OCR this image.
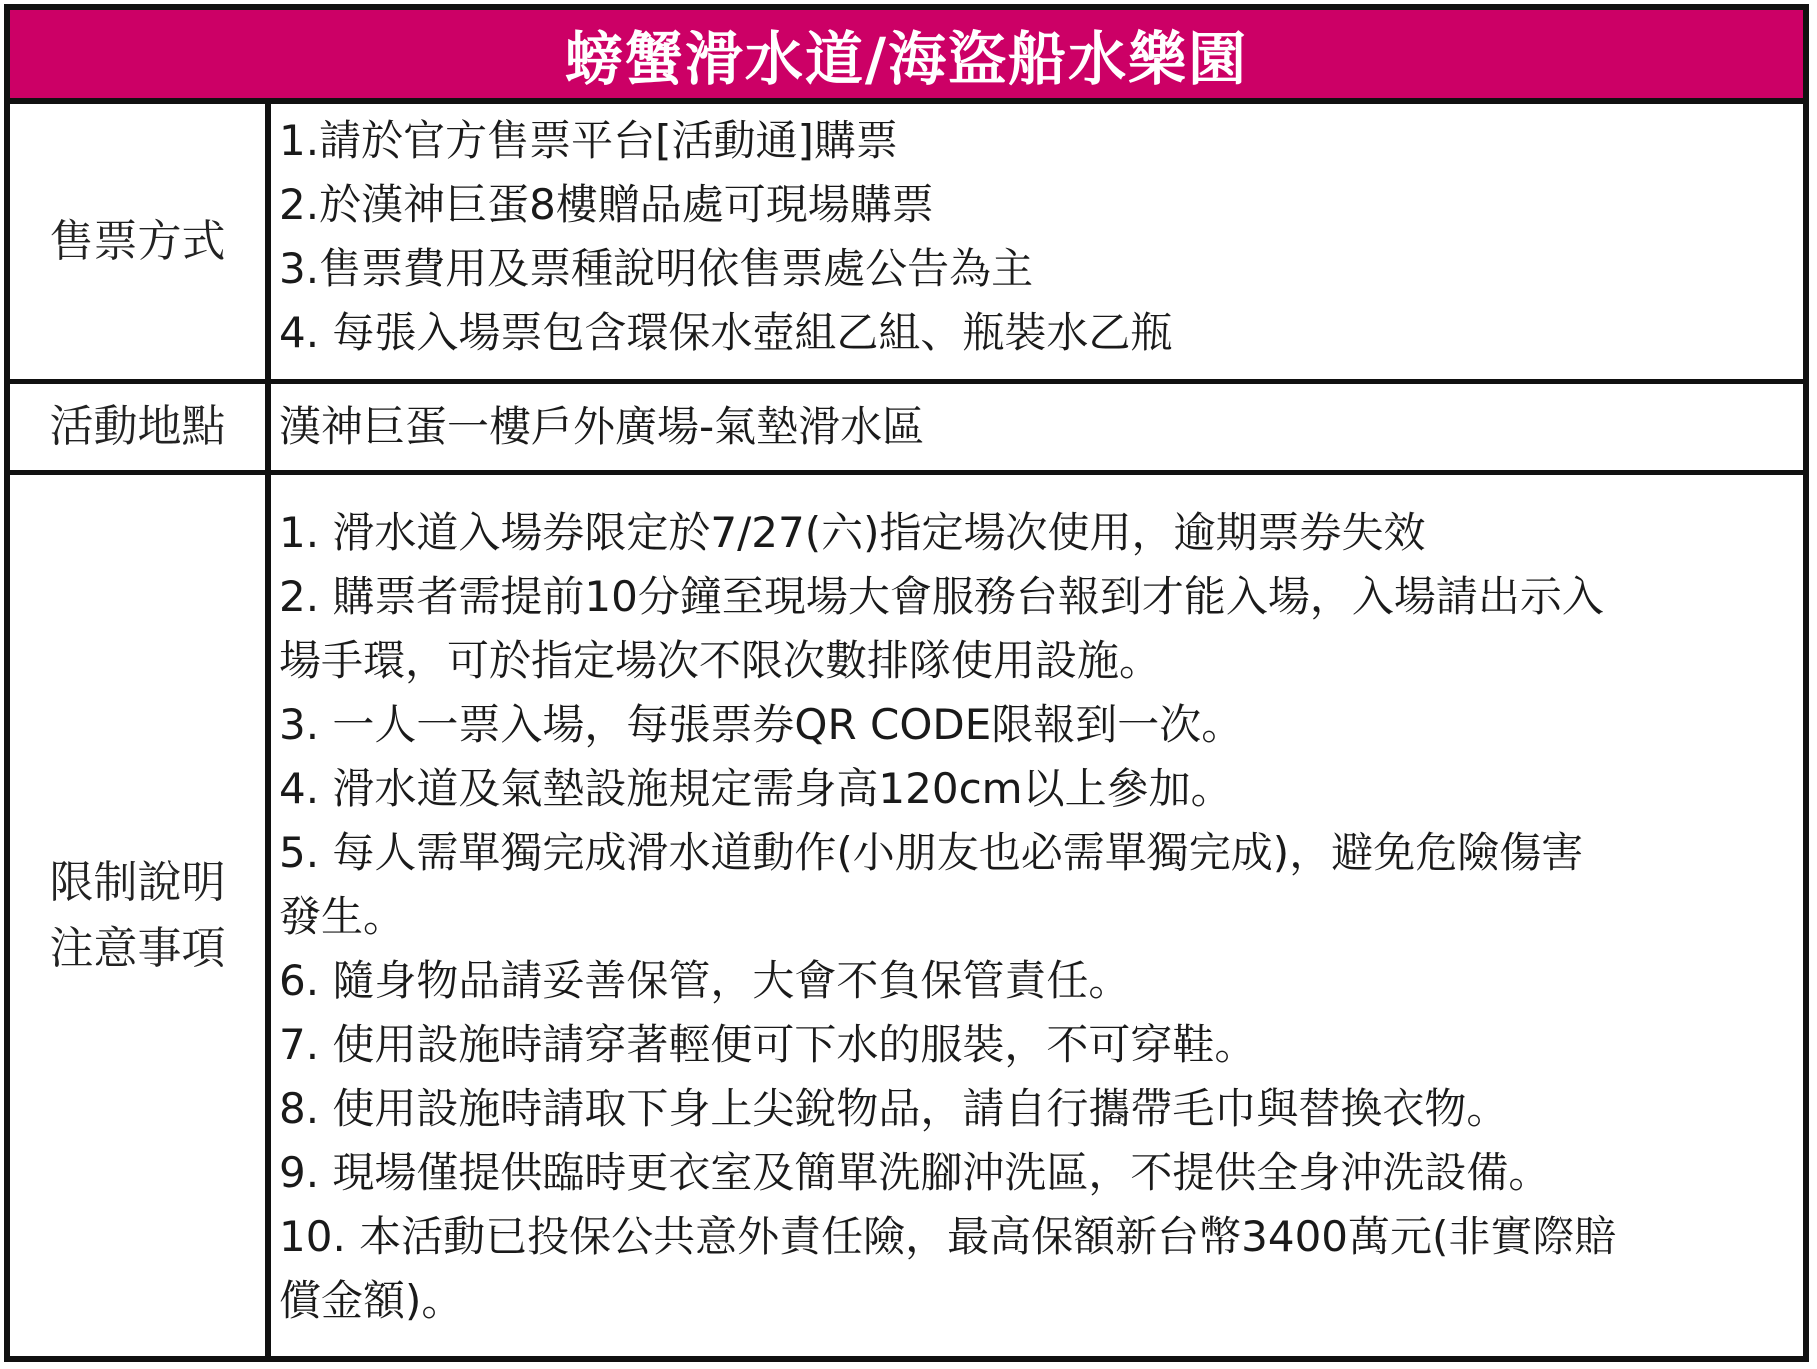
螃蟹滑水道/海盜船水樂園
售票方式
1.請於官方售票平台[活動通]購票
2.於漢神巨蛋8樓贈品處可現場購票
3.售票費用及票種說明依售票處公告為主
4. 每張入場票包含環保水壺組乙組、瓶裝水乙瓶
活動地點 漢神巨蛋一樓戶外廣場-氣墊滑水區
限制說明
注意事項
1. 滑水道入場券限定於7/27(六)指定場次使用，逾期票券失效
2. 購票者需提前10分鐘至現場大會服務台報到才能入場，入場請出示入
場手環，可於指定場次不限次數排隊使用設施。
3. 一人一票入場，每張票券QR CODE限報到一次。
4. 滑水道及氣墊設施規定需身高120cm以上參加。
5. 每人需單獨完成滑水道動作(小朋友也必需單獨完成)，避免危險傷害
發生。
6. 隨身物品請妥善保管，大會不負保管責任。
7. 使用設施時請穿著輕便可下水的服裝，不可穿鞋。
8. 使用設施時請取下身上尖銳物品，請自行攜帶毛巾與替換衣物。
9. 現場僅提供臨時更衣室及簡單洗腳沖洗區，不提供全身沖洗設備。
10. 本活動已投保公共意外責任險，最高保額新台幣3400萬元(非實際賠
償金額)。
